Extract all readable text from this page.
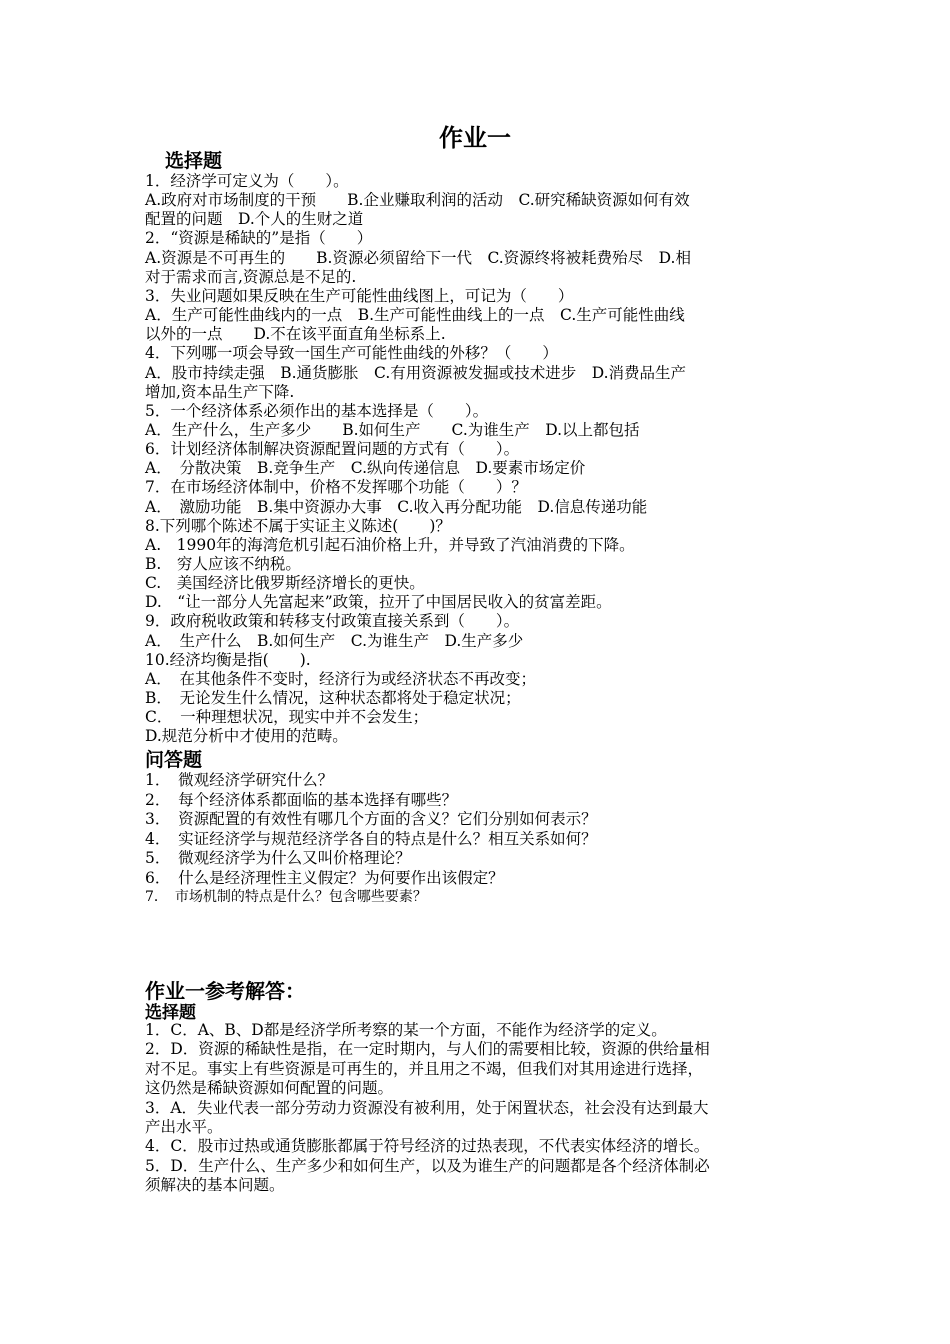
作业一
选择题
1．经济学可定义为（　　）。
A.政府对市场制度的干预　　B.企业赚取利润的活动　C.研究稀缺资源如何有效
配置的问题　D.个人的生财之道
2．“资源是稀缺的”是指（　　）
A.资源是不可再生的　　B.资源必须留给下一代　C.资源终将被耗费殆尽　D.相
对于需求而言,资源总是不足的.
3．失业问题如果反映在生产可能性曲线图上，可记为（　　）
A．生产可能性曲线内的一点　B.生产可能性曲线上的一点　C.生产可能性曲线
以外的一点　　D.不在该平面直角坐标系上.
4．下列哪一项会导致一国生产可能性曲线的外移？（　　）
A．股市持续走强　B.通货膨胀　C.有用资源被发掘或技术进步　D.消费品生产
增加,资本品生产下降.
5．一个经济体系必须作出的基本选择是（　　）。
A．生产什么，生产多少　　B.如何生产　　C.为谁生产　D.以上都包括
6．计划经济体制解决资源配置问题的方式有（　　）。
A．　分散决策　B.竞争生产　C.纵向传递信息　D.要素市场定价
7．在市场经济体制中，价格不发挥哪个功能（　　）？
A．　激励功能　B.集中资源办大事　C.收入再分配功能　D.信息传递功能
8.下列哪个陈述不属于实证主义陈述(　　)？
A.　1990年的海湾危机引起石油价格上升，并导致了汽油消费的下降。
B.　穷人应该不纳税。
C.　美国经济比俄罗斯经济增长的更快。
D.　“让一部分人先富起来”政策，拉开了中国居民收入的贫富差距。
9．政府税收政策和转移支付政策直接关系到（　　）。
A．　生产什么　B.如何生产　C.为谁生产　D.生产多少
10.经济均衡是指(　　).
A．　在其他条件不变时，经济行为或经济状态不再改变；
B．　无论发生什么情况，这种状态都将处于稳定状况；
C．　一种理想状况，现实中并不会发生；
D.规范分析中才使用的范畴。
问答题
1．　微观经济学研究什么？
2．　每个经济体系都面临的基本选择有哪些？
3．　资源配置的有效性有哪几个方面的含义？它们分别如何表示？
4．　实证经济学与规范经济学各自的特点是什么？相互关系如何？
5．　微观经济学为什么又叫价格理论？
6．　什么是经济理性主义假定？为何要作出该假定？
7．　市场机制的特点是什么？包含哪些要素？
作业一参考解答：
选择题
1．C．A、B、D都是经济学所考察的某一个方面，不能作为经济学的定义。
2．D．资源的稀缺性是指，在一定时期内，与人们的需要相比较，资源的供给量相
对不足。事实上有些资源是可再生的，并且用之不竭，但我们对其用途进行选择，
这仍然是稀缺资源如何配置的问题。
3．A．失业代表一部分劳动力资源没有被利用，处于闲置状态，社会没有达到最大
产出水平。
4．C．股市过热或通货膨胀都属于符号经济的过热表现，不代表实体经济的增长。
5．D．生产什么、生产多少和如何生产，以及为谁生产的问题都是各个经济体制必
须解决的基本问题。
